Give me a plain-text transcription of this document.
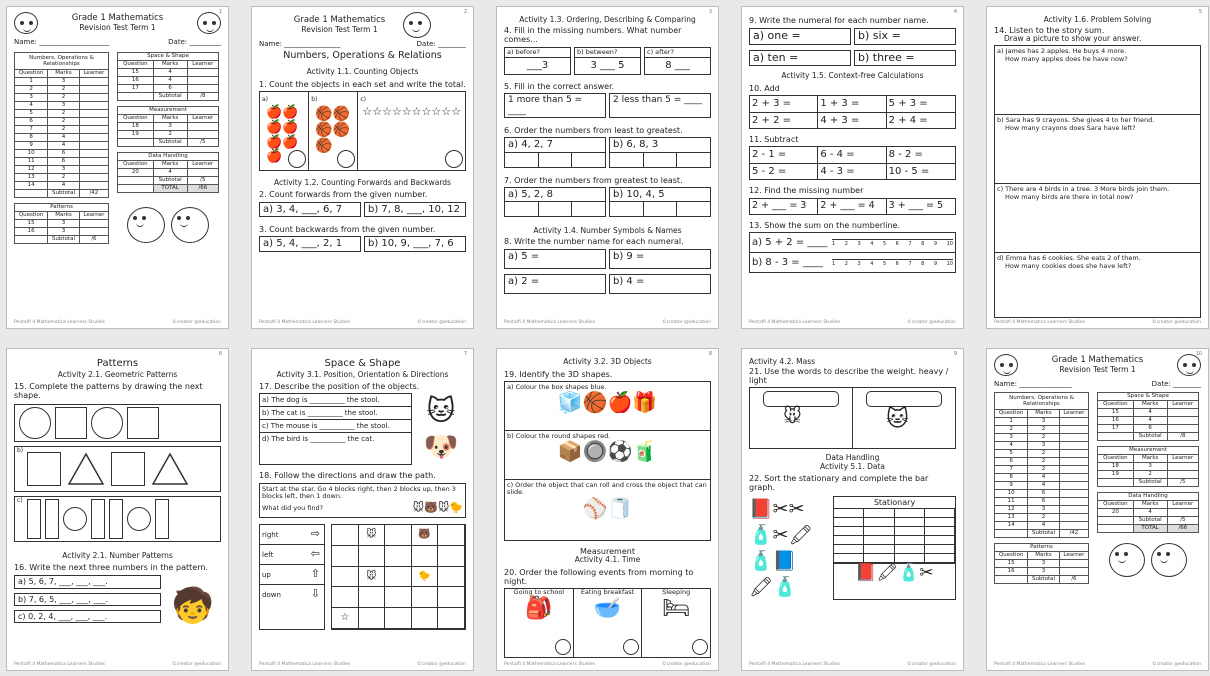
1
Grade 1 Mathematics
Revision Test Term 1
Name: ____________________	Date: _________
Numbers, Operations & Relationships		
Question	Marks	Learner
1	3	
2	2	
3	2	
4	3	
5	2	
6	2	
7	2	
8	4	
9	4	
10	6	
11	6	
12	3	
13	2	
14	4	
	Subtotal	/42
Patterns		
Question	Marks	Learner
15	3	
16	3	
	Subtotal	/6
Space & Shape		
Question	Marks	Learner
15	4	
16	4	
17	6	
	Subtotal	/8
Measurement		
Question	Marks	Learner
18	3	
19	2	
	Subtotal	/5
Data Handling		
Question	Marks	Learner
20	4	
	Subtotal	/5
	TOTAL	/66
Pentalfi 4 Mathematica Learners Studies	©creator @education
2
Grade 1 Mathematics
Revision Test Term 1
Name: ________________	Date: ________
Numbers, Operations & Relations
Activity 1.1. Counting Objects
1. Count the objects in each set and write the total.
a)
🍎🍎🍎🍎🍎🍎🍎
b)
🏀🏀🏀🏀🏀
c)
☆☆☆☆☆☆☆☆☆☆
Activity 1.2. Counting Forwards and Backwards
2. Count forwards from the given number.
a) 3, 4, ___, 6, 7	b) 7, 8, ___, 10, 12
3. Count backwards from the given number.
a) 5, 4, ___, 2, 1	b) 10, 9, ___, 7, 6
Pentalfi 4 Mathematica Learners Studies	©creator @education
3
Activity 1.3. Ordering, Describing & Comparing
4. Fill in the missing numbers. What number comes...
a) before?
___3
b) between?
3 ___ 5
c) after?
8 ___
5. Fill in the correct answer.
1 more than 5 = ____
2 less than 5 = ____
6. Order the numbers from least to greatest.
a) 4, 2, 7	b) 6, 8, 3
7. Order the numbers from greatest to least.
a) 5, 2, 8	b) 10, 4, 5
Activity 1.4. Number Symbols & Names
8. Write the number name for each numeral.
a) 5 =	b) 9 =
a) 2 =	b) 4 =
Pentalfi 4 Mathematica Learners Studies	©creator @education
4
9. Write the numeral for each number name.
a) one =	b) six =
a) ten =	b) three =
Activity 1.5. Context-free Calculations
10. Add
2 + 3 =	1 + 3 =	5 + 3 =
2 + 2 =	4 + 3 =	2 + 4 =
11. Subtract
2 - 1 =	6 - 4 =	8 - 2 =
5 - 2 =	4 - 3 =	10 - 5 =
12. Find the missing number
2 + ___ = 3	2 + ___ = 4	3 + ___ = 5
13. Show the sum on the numberline.
a) 5 + 2 = ____ 1 2 3 4 5 6 7 8 9 10
b) 8 - 3 = ____	1 2 3 4 5 6 7 8 9 10
Pentalfi 4 Mathematica Learners Studies	©creator @education
5
Activity 1.6. Problem Solving
14. Listen to the story sum.
Draw a picture to show your answer.
a) James has 2 apples. He buys 4 more.
How many apples does he have now?
b) Sara has 9 crayons. She gives 4 to her friend.
How many crayons does Sara have left?
c) There are 4 birds in a tree. 3 More birds join them.
How many birds are there in total now?
d) Emma has 6 cookies. She eats 2 of them.
How many cookies does she have left?
Pentalfi 4 Mathematica Learners Studies	©creator @education
6
Patterns
Activity 2.1. Geometric Patterns
15. Complete the patterns by drawing the next shape.
b)
c)
Activity 2.1. Number Patterns
16. Write the next three numbers in the pattern.
a) 5, 6, 7, ___, ___, ___.
b) 7, 6, 5, ___, ___, ___.
c) 0, 2, 4, ___, ___, ___.	🧒
Pentalfi 4 Mathematica Learners Studies	©creator @education
7
Space & Shape
Activity 3.1. Position, Orientation & Directions
17. Describe the position of the objects.
a) The dog is __________ the stool.
b) The cat is __________ the stool.
c) The mouse is __________ the stool.
d) The bird is __________ the cat.
🐱
🐶
18. Follow the directions and draw the path.
Start at the star. Go 4 blocks right, then 2 blocks up, then 3 blocks left, then 1 down.
What did you find?	🐭🐻🐭🐤
right	⇨
left	⇦
up	⇧
down	⇩
🐭	🐻
🐭	🐤
☆
Pentalfi 4 Mathematica Learners Studies	©creator @education
8
Activity 3.2. 3D Objects
19. Identify the 3D shapes.
a) Colour the box shapes blue.
🧊🏀🍎🎁
b) Colour the round shapes red.
📦🔘⚽🧃
c) Order the object that can roll and cross the object that can slide.
⚾🧻
Measurement
Activity 4.1. Time
20. Order the following events from morning to night.
Going to school
🎒
Eating breakfast
🥣
Sleeping
🛏
Pentalfi 4 Mathematica Learners Studies	©creator @education
9
Activity 4.2. Mass
21. Use the words to describe the weight. heavy / light
🐭	🐱
Data Handling
Activity 5.1. Data
22. Sort the stationary and complete the bar graph.
📕✂✂
🧴✂🖍
🧴📘
🖍🧴
Stationary
📕🖍🧴✂
Pentalfi 4 Mathematica Learners Studies	©creator @education
10
Grade 1 Mathematics
Revision Test Term 1
Name: _______________	Date: ________
Numbers, Operations & Relationships		
Question	Marks	Learner
1	3	
2	2	
3	2	
4	3	
5	2	
6	2	
7	2	
8	4	
9	4	
10	6	
11	6	
12	3	
13	2	
14	4	
	Subtotal	/42
Patterns		
Question	Marks	Learner
15	3	
16	3	
	Subtotal	/6
Space & Shape		
Question	Marks	Learner
15	4	
16	4	
17	6	
	Subtotal	/8
Measurement		
Question	Marks	Learner
18	3	
19	2	
	Subtotal	/5
Data Handling		
Question	Marks	Learner
20	4	
	Subtotal	/5
	TOTAL	/66
Pentalfi 4 Mathematica Learners Studies	©creator @education
